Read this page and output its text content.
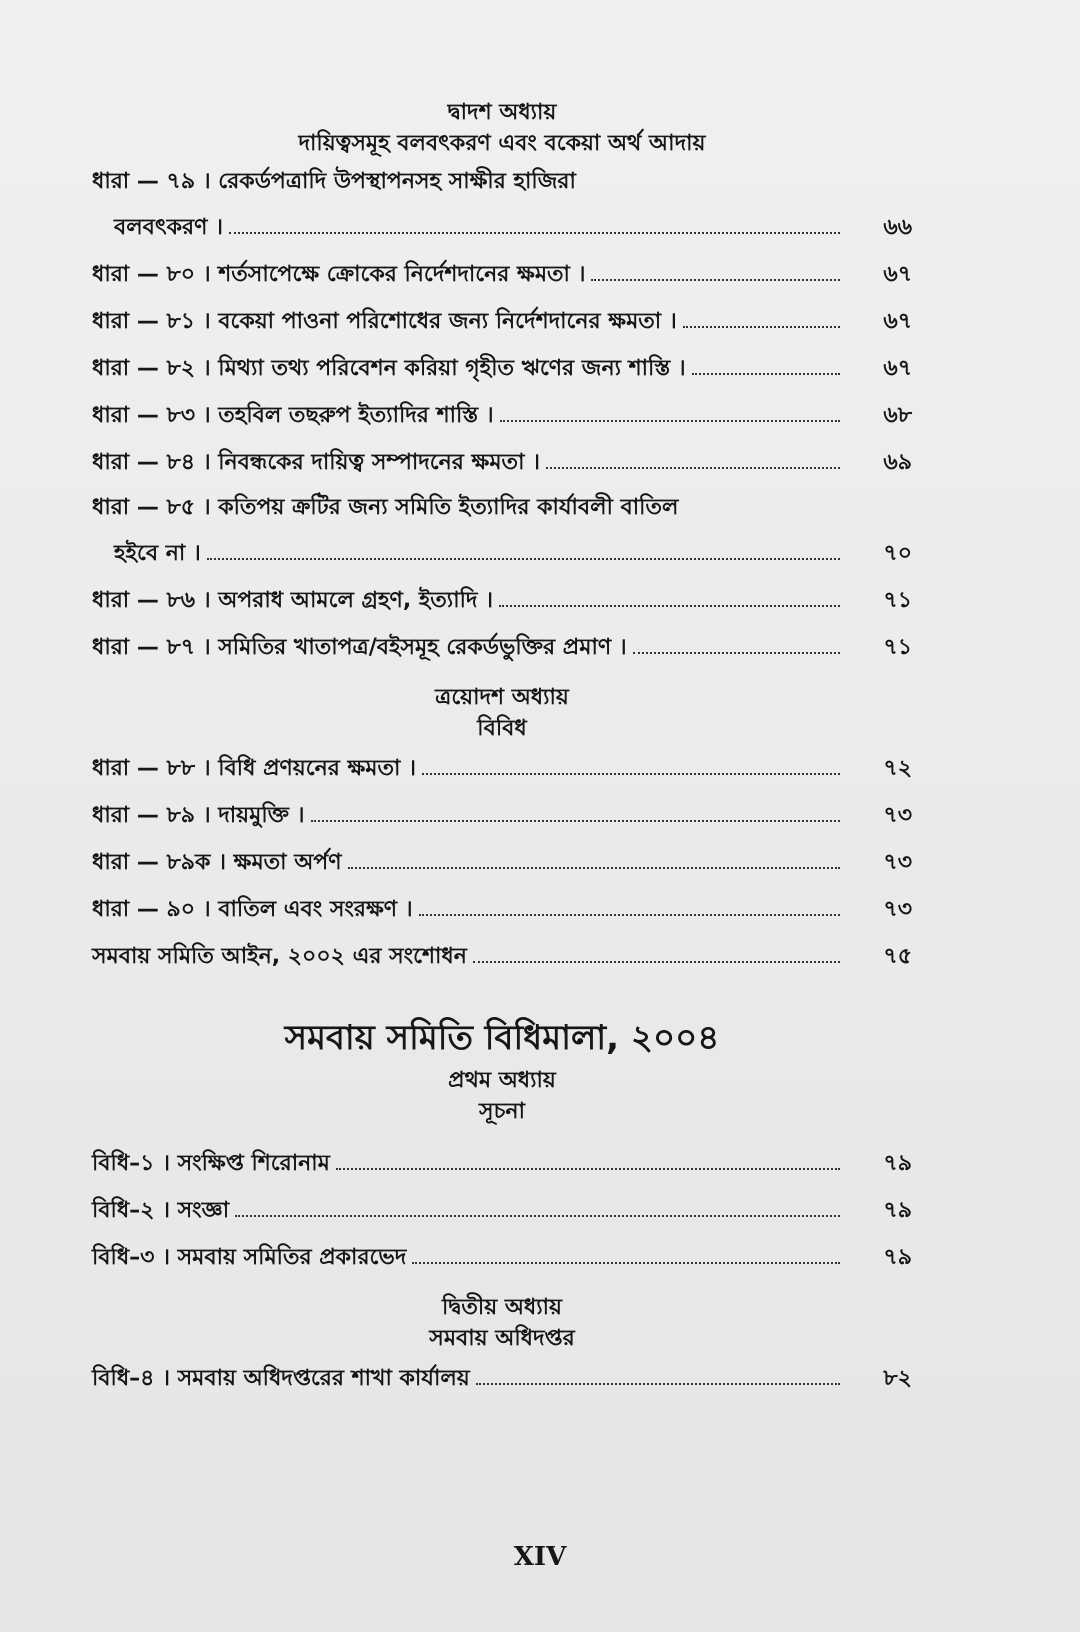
দ্বাদশ অধ্যায়
দায়িত্বসমূহ বলবৎকরণ এবং বকেয়া অর্থ আদায়
ধারা — ৭৯ । রেকর্ডপত্রাদি উপস্থাপনসহ সাক্ষীর হাজিরা
বলবৎকরণ ।	৬৬
ধারা — ৮০ । শর্তসাপেক্ষে ক্রোকের নির্দেশদানের ক্ষমতা ।	৬৭
ধারা — ৮১ । বকেয়া পাওনা পরিশোধের জন্য নির্দেশদানের ক্ষমতা ।	৬৭
ধারা — ৮২ । মিথ্যা তথ্য পরিবেশন করিয়া গৃহীত ঋণের জন্য শাস্তি ।	৬৭
ধারা — ৮৩ । তহবিল তছরুপ ইত্যাদির শাস্তি ।	৬৮
ধারা — ৮৪ । নিবন্ধকের দায়িত্ব সম্পাদনের ক্ষমতা ।	৬৯
ধারা — ৮৫ । কতিপয় ক্রটির জন্য সমিতি ইত্যাদির কার্যাবলী বাতিল
হইবে না ।	৭০
ধারা — ৮৬ । অপরাধ আমলে গ্রহণ, ইত্যাদি ।	৭১
ধারা — ৮৭ । সমিতির খাতাপত্র/বইসমূহ রেকর্ডভুক্তির প্রমাণ ।	৭১
ত্রয়োদশ অধ্যায়
বিবিধ
ধারা — ৮৮ । বিধি প্রণয়নের ক্ষমতা ।	৭২
ধারা — ৮৯ । দায়মুক্তি ।	৭৩
ধারা — ৮৯ক । ক্ষমতা অর্পণ	৭৩
ধারা — ৯০ । বাতিল এবং সংরক্ষণ ।	৭৩
সমবায় সমিতি আইন, ২০০২ এর সংশোধন	৭৫
সমবায় সমিতি বিধিমালা, ২০০৪
প্রথম অধ্যায়
সূচনা
বিধি–১ । সংক্ষিপ্ত শিরোনাম	৭৯
বিধি–২ । সংজ্ঞা	৭৯
বিধি–৩ । সমবায় সমিতির প্রকারভেদ	৭৯
দ্বিতীয় অধ্যায়
সমবায় অধিদপ্তর
বিধি–৪ । সমবায় অধিদপ্তরের শাখা কার্যালয়	৮২
XIV
